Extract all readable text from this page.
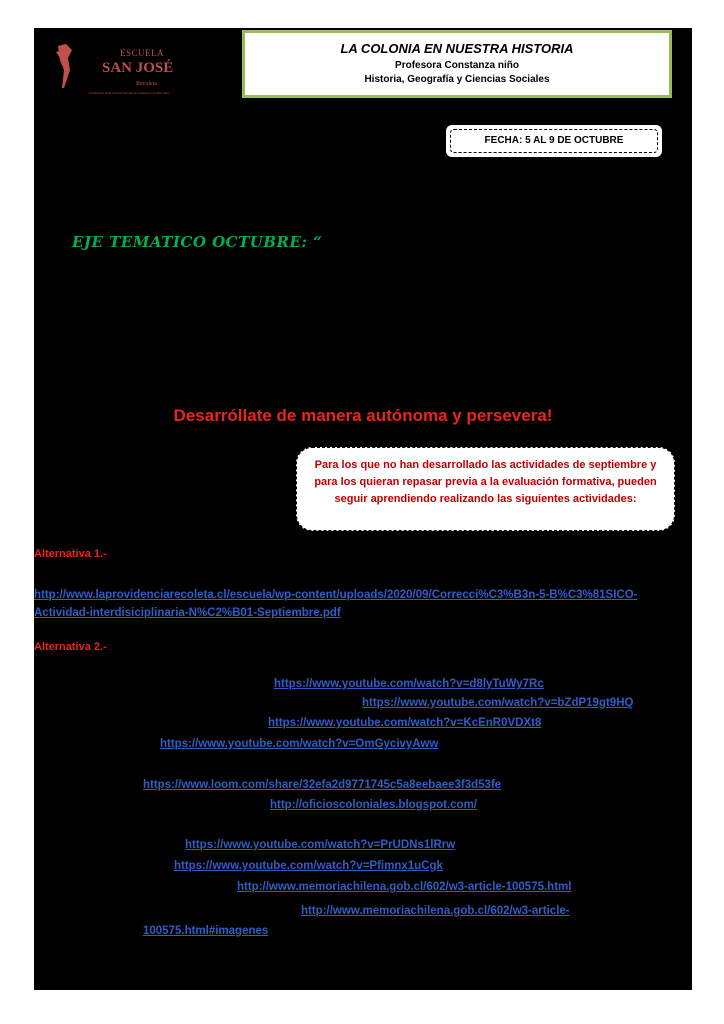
ESCUELA
SAN JOSÉ
Recoleta
Fundación Educacional Escuela Providencia de Recoleta
LA COLONIA EN NUESTRA HISTORIA
Profesora Constanza niño
Historia, Geografía y Ciencias Sociales
FECHA: 5 AL 9 DE OCTUBRE
EJE TEMATICO OCTUBRE: “
Desarróllate de manera autónoma y persevera!
Para los que no han desarrollado las actividades de septiembre y para los quieran repasar previa a la evaluación formativa, pueden seguir aprendiendo realizando las siguientes actividades:
Alternativa 1.-
http://www.laprovidenciarecoleta.cl/escuela/wp-content/uploads/2020/09/Correcci%C3%B3n-5-B%C3%81SICO-Actividad-interdisiciplinaria-N%C2%B01-Septiembre.pdf
Alternativa 2.-
https://www.youtube.com/watch?v=d8lyTuWy7Rc
https://www.youtube.com/watch?v=bZdP19gt9HQ
https://www.youtube.com/watch?v=KcEnR0VDXt8
https://www.youtube.com/watch?v=OmGycivyAww
https://www.loom.com/share/32efa2d9771745c5a8eebaee3f3d53fe
http://oficioscoloniales.blogspot.com/
https://www.youtube.com/watch?v=PrUDNs1lRrw
https://www.youtube.com/watch?v=Pfimnx1uCgk
http://www.memoriachilena.gob.cl/602/w3-article-100575.html
http://www.memoriachilena.gob.cl/602/w3-article-100575.html#imagenes
